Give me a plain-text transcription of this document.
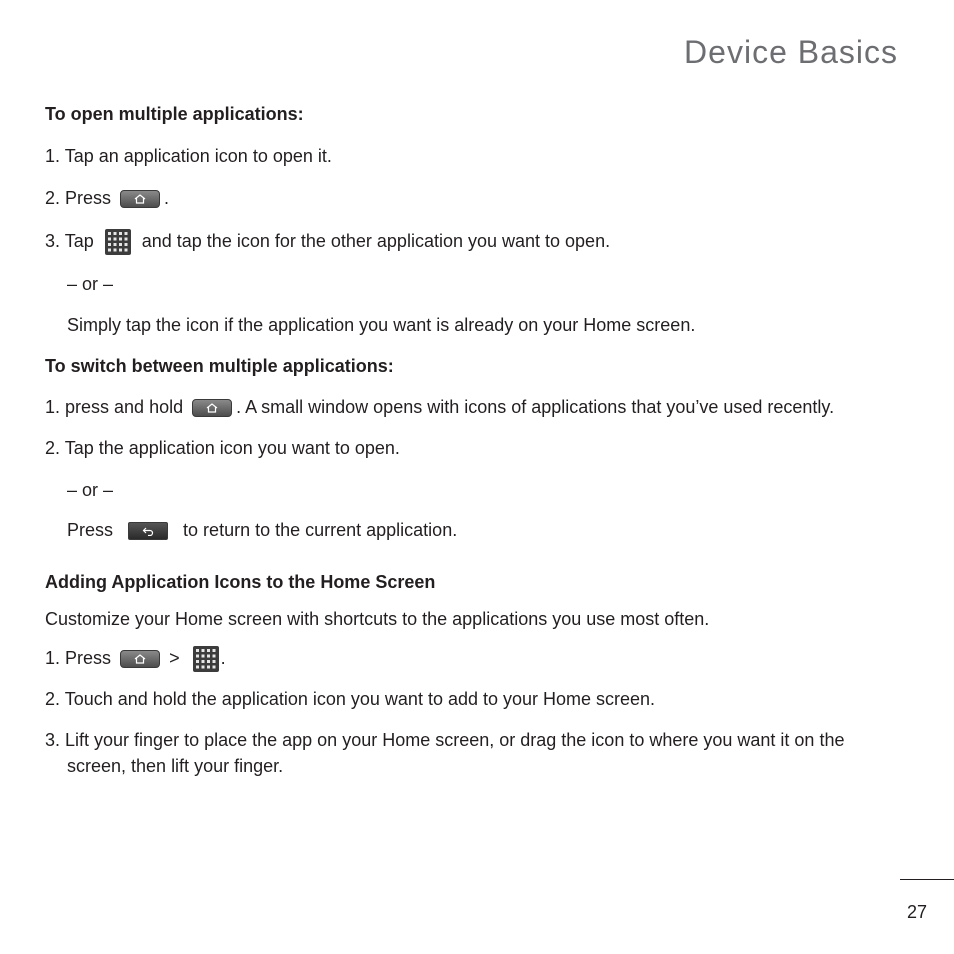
Device Basics
To open multiple applications:
1. Tap an application icon to open it.
2. Press	.
3. Tap	and tap the icon for the other application you want to open.
– or –
Simply tap the icon if the application you want is already on your Home screen.
To switch between multiple applications:
1. press and hold	. A small window opens with icons of applications that you’ve used recently.
2. Tap the application icon you want to open.
– or –
Press	to return to the current application.
Adding Application Icons to the Home Screen
Customize your Home screen with shortcuts to the applications you use most often.
1. Press	> .
2. Touch and hold the application icon you want to add to your Home screen.
3. Lift your finger to place the app on your Home screen, or drag the icon to where you want it on the
screen, then lift your finger.
27
